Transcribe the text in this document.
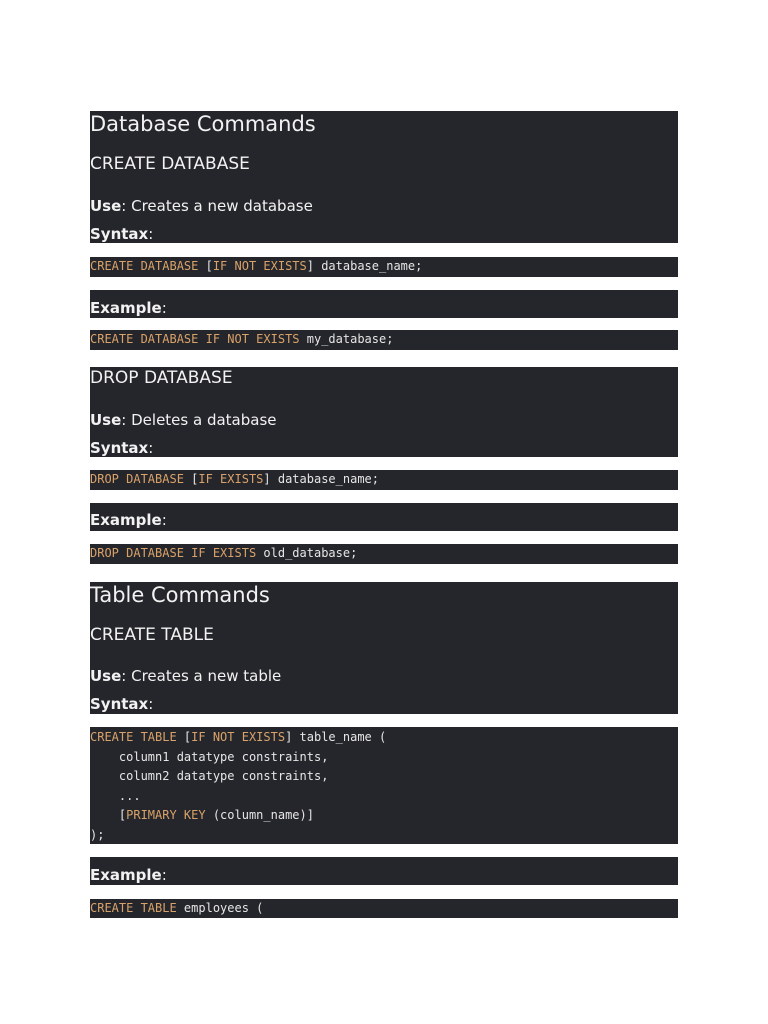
Database Commands
CREATE DATABASE
Use: Creates a new database
Syntax:
CREATE DATABASE [IF NOT EXISTS] database_name;
Example:
CREATE DATABASE IF NOT EXISTS my_database;
DROP DATABASE
Use: Deletes a database
Syntax:
DROP DATABASE [IF EXISTS] database_name;
Example:
DROP DATABASE IF EXISTS old_database;
Table Commands
CREATE TABLE
Use: Creates a new table
Syntax:
CREATE TABLE [IF NOT EXISTS] table_name (
column1 datatype constraints,
column2 datatype constraints,
...
[PRIMARY KEY (column_name)]
);
Example:
CREATE TABLE employees (
